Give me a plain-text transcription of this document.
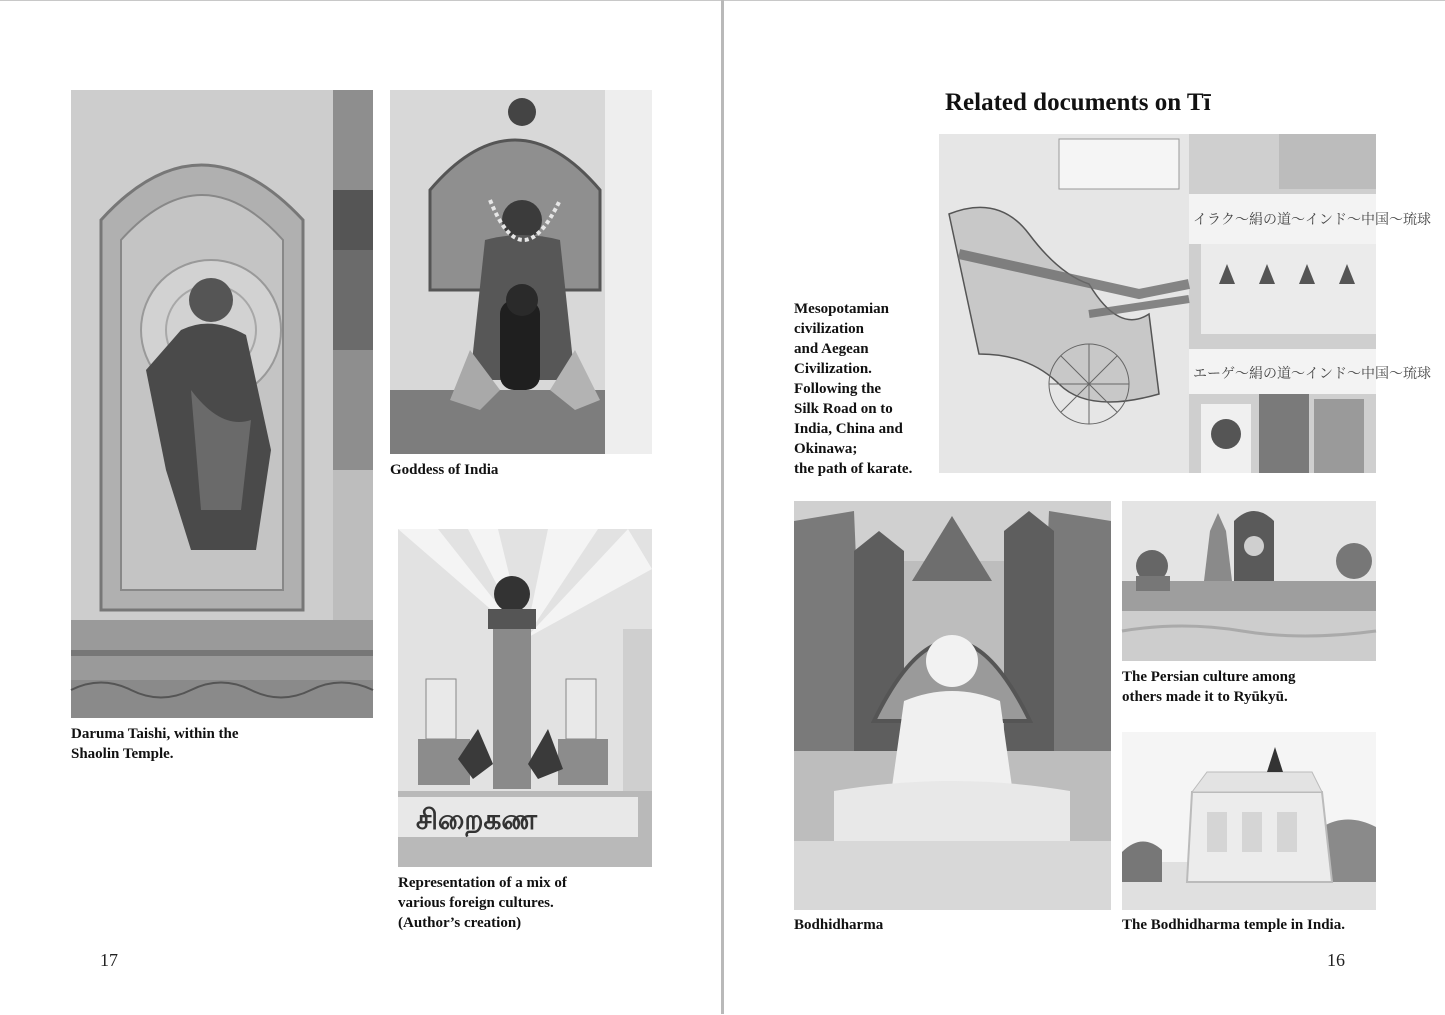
Daruma Taishi, within the
Shaolin Temple.

Goddess of India

சிறைகண

Representation of a mix of
various foreign cultures.
(Author’s creation)

17
Related documents on Tī
イラク〜絹の道〜インド〜中国〜琉球
エーゲ〜絹の道〜インド〜中国〜琉球

Mesopotamian
civilization
and Aegean
Civilization.
Following the
Silk Road on to
India, China and
Okinawa;
the path of karate.

Bodhidharma

The Persian culture among
others made it to Ryūkyū.

The Bodhidharma temple in India.

16
